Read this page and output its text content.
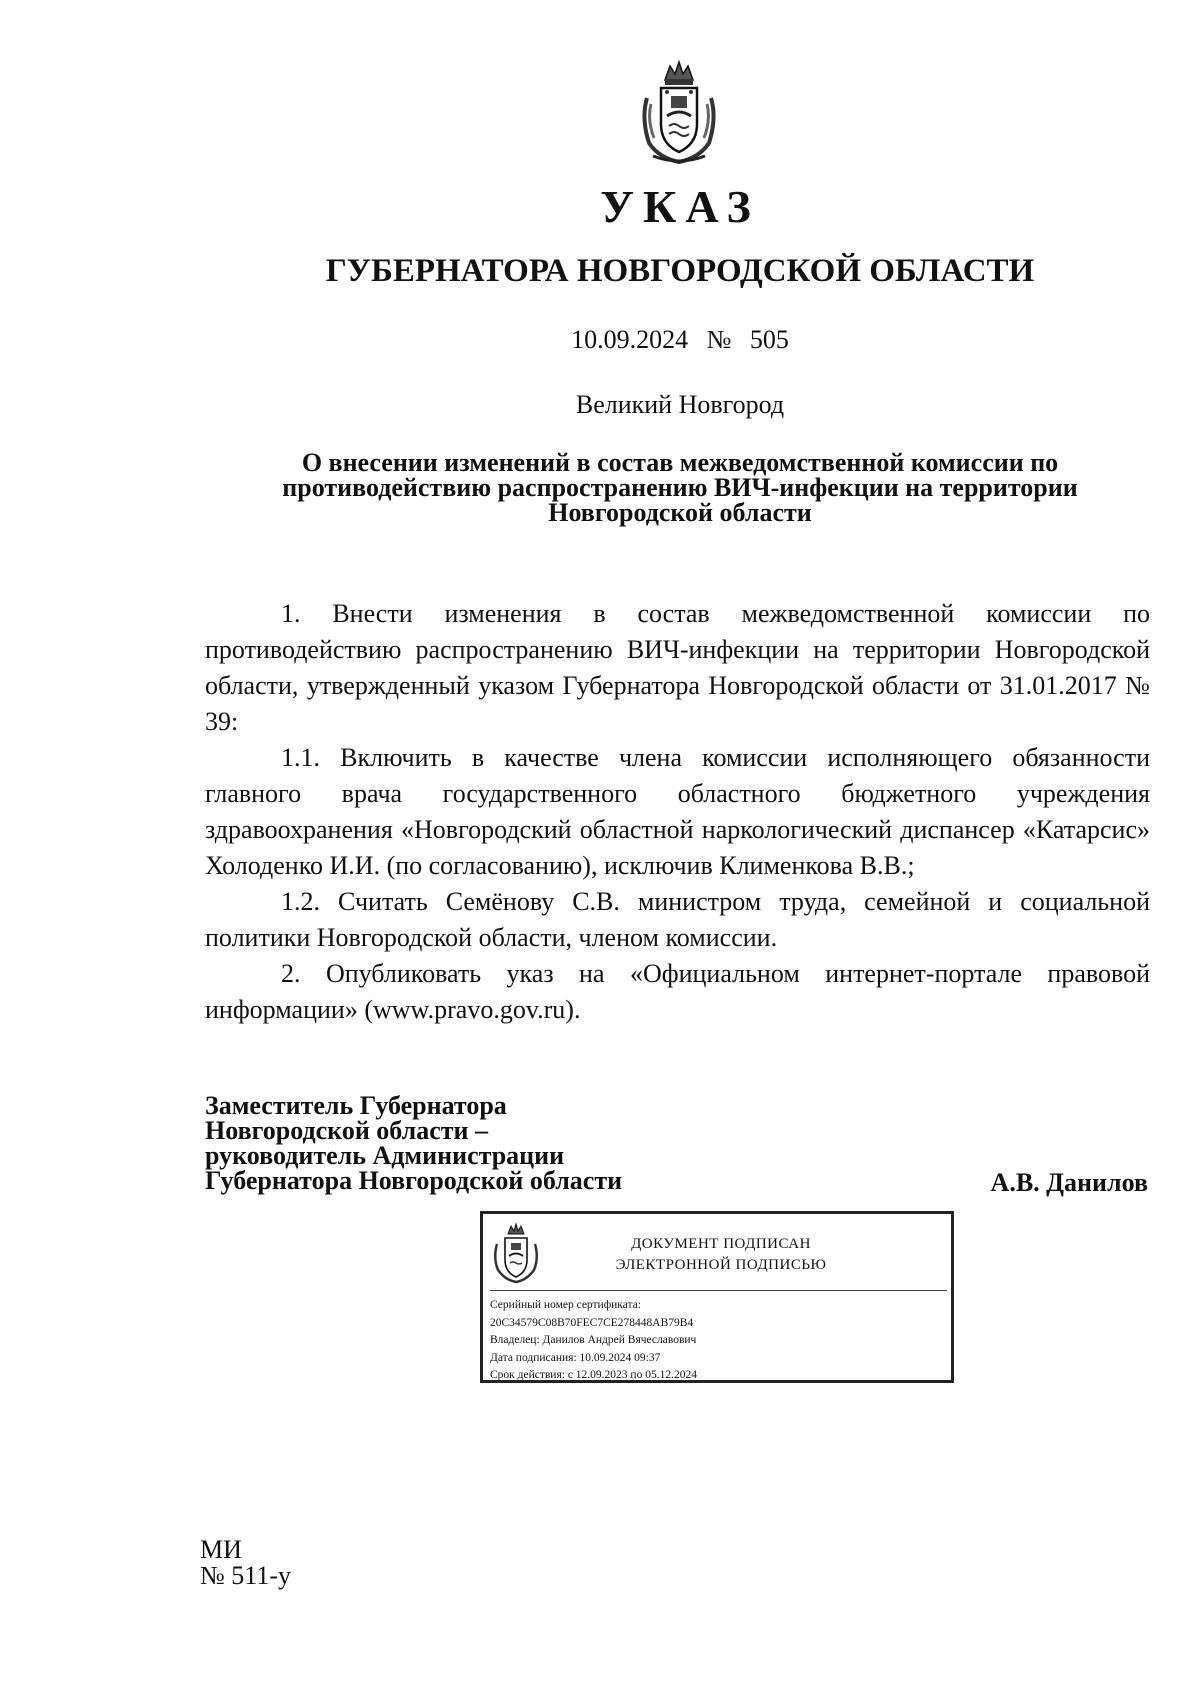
УКАЗ
ГУБЕРНАТОРА НОВГОРОДСКОЙ ОБЛАСТИ
10.09.2024 № 505
Великий Новгород
О внесении изменений в состав межведомственной комиссии по
противодействию распространению ВИЧ-инфекции на территории
Новгородской области

1. Внести изменения в состав межведомственной комиссии по противодействию распространению ВИЧ-инфекции на территории Новгородской области, утвержденный указом Губернатора Новгородской области от 31.01.2017 № 39:

1.1. Включить в качестве члена комиссии исполняющего обязанности главного врача государственного областного бюджетного учреждения здравоохранения «Новгородский областной наркологический диспансер «Катарсис» Холоденко И.И. (по согласованию), исключив Клименкова В.В.;

1.2. Считать Семёнову С.В. министром труда, семейной и социальной политики Новгородской области, членом комиссии.

2. Опубликовать указ на «Официальном интернет-портале правовой информации» (www.pravo.gov.ru).

Заместитель Губернатора
Новгородской области –
руководитель Администрации
Губернатора Новгородской области	А.В. Данилов
ДОКУМЕНТ ПОДПИСАН
ЭЛЕКТРОННОЙ ПОДПИСЬЮ
Серийный номер сертификата:
20C34579C08B70FEC7CE278448AB79B4
Владелец: Данилов Андрей Вячеславович
Дата подписания: 10.09.2024 09:37
Срок действия: с 12.09.2023 по 05.12.2024
МИ
№ 511-у
